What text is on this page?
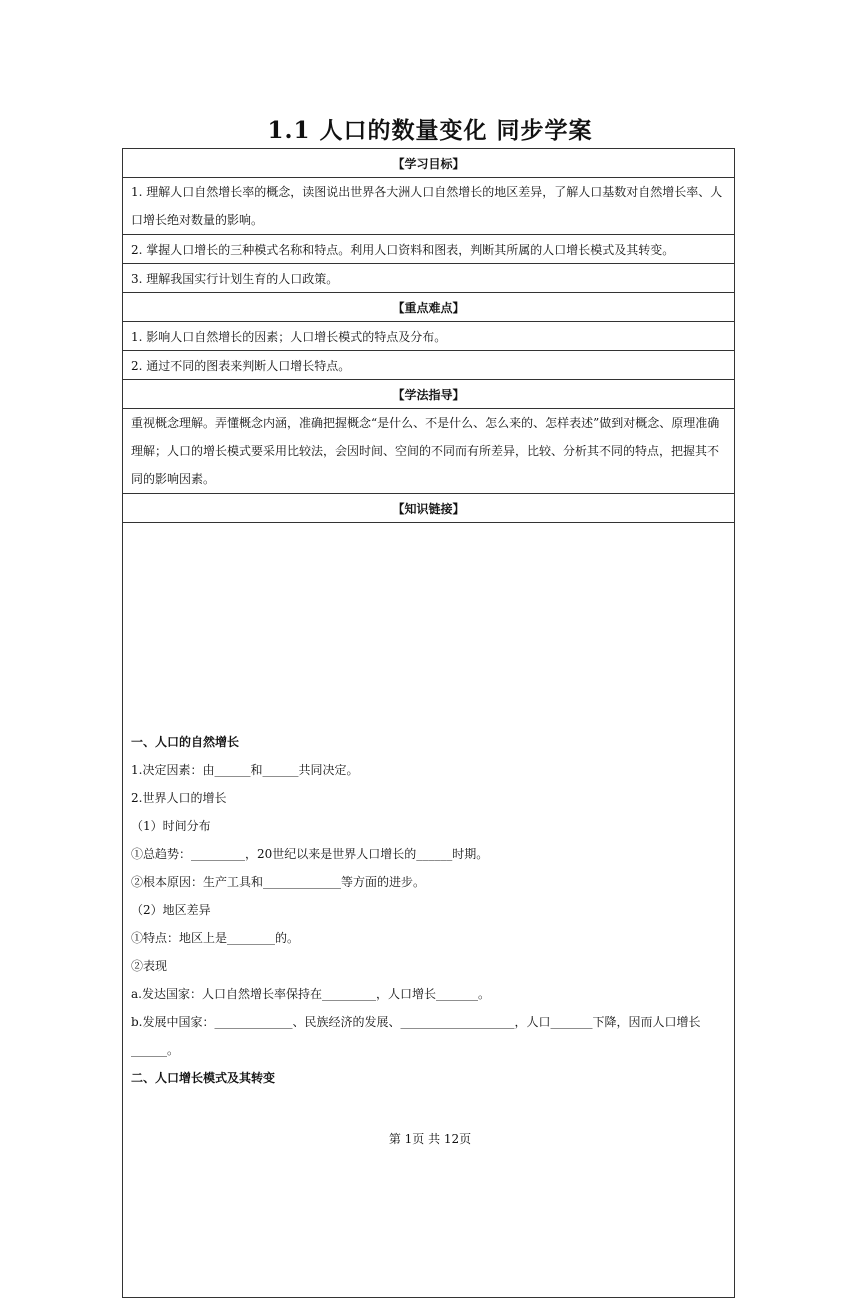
1.1 人口的数量变化 同步学案
【学习目标】
1. 理解人口自然增长率的概念，读图说出世界各大洲人口自然增长的地区差异，了解人口基数对自然增长率、人口增长绝对数量的影响。
2. 掌握人口增长的三种模式名称和特点。利用人口资料和图表，判断其所属的人口增长模式及其转变。
3. 理解我国实行计划生育的人口政策。
【重点难点】
1. 影响人口自然增长的因素；人口增长模式的特点及分布。
2. 通过不同的图表来判断人口增长特点。
【学法指导】
重视概念理解。弄懂概念内涵，准确把握概念“是什么、不是什么、怎么来的、怎样表述”做到对概念、原理准确理解；人口的增长模式要采用比较法，会因时间、空间的不同而有所差异，比较、分析其不同的特点，把握其不同的影响因素。
【知识链接】

一、人口的自然增长
1.决定因素：由______和______共同决定。
2.世界人口的增长
（1）时间分布
①总趋势：_________，20世纪以来是世界人口增长的______时期。
②根本原因：生产工具和_____________等方面的进步。
（2）地区差异
①特点：地区上是________的。
②表现
a.发达国家：人口自然增长率保持在_________，人口增长_______。
b.发展中国家：_____________、民族经济的发展、___________________，人口_______下降，因而人口增长______。
二、人口增长模式及其转变
第 1页 共 12页
